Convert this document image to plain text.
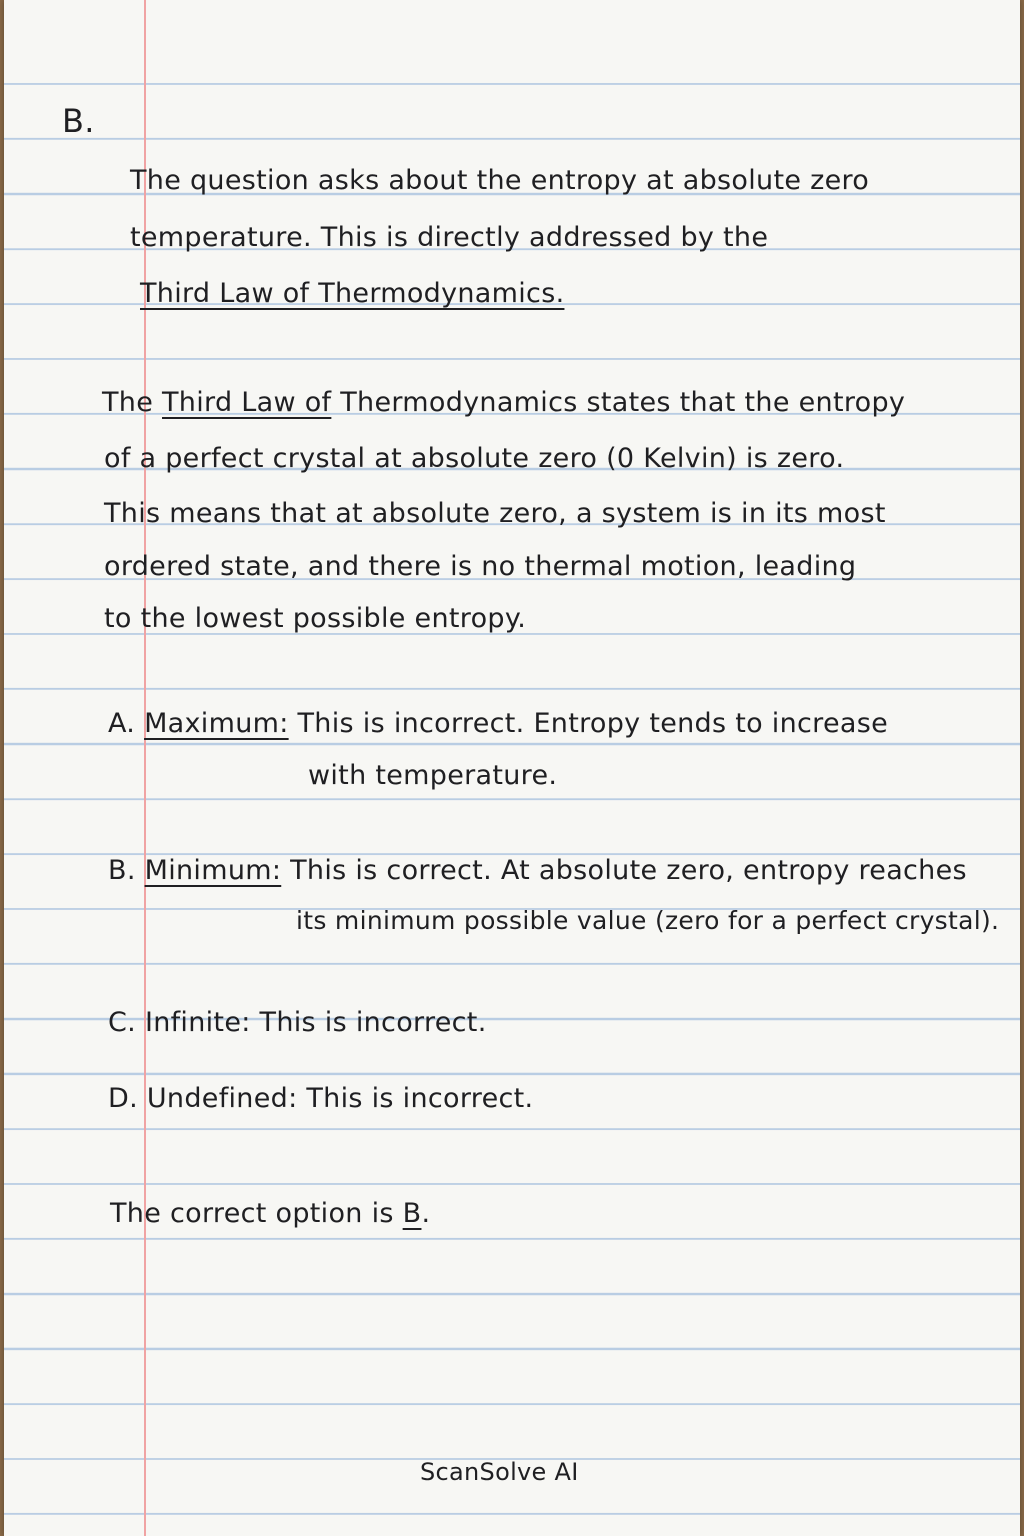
B.
The question asks about the entropy at absolute zero
temperature. This is directly addressed by the
Third Law of Thermodynamics.
The Third Law of Thermodynamics states that the entropy
of a perfect crystal at absolute zero (0 Kelvin) is zero.
This means that at absolute zero, a system is in its most
ordered state, and there is no thermal motion, leading
to the lowest possible entropy.
A. Maximum: This is incorrect. Entropy tends to increase
with temperature.
B. Minimum: This is correct. At absolute zero, entropy reaches
its minimum possible value (zero for a perfect crystal).
C. Infinite: This is incorrect.
D. Undefined: This is incorrect.
The correct option is B.
ScanSolve AI
